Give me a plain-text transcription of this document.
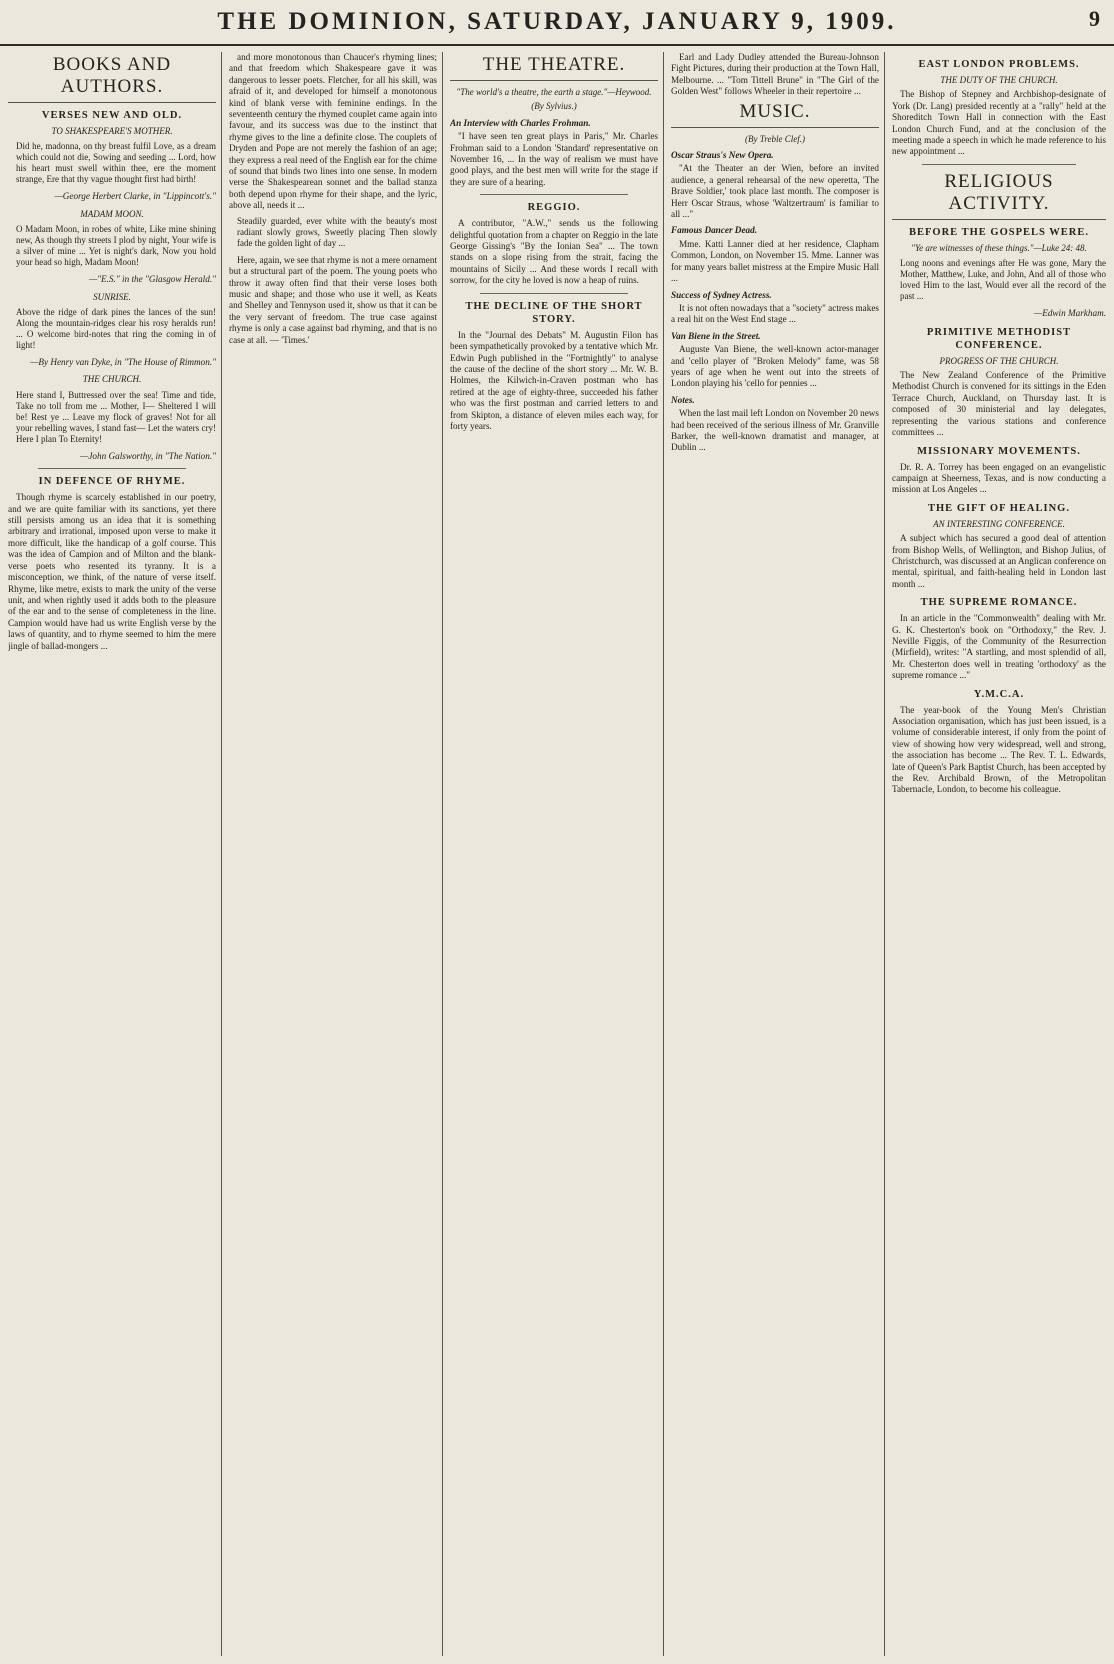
THE DOMINION, SATURDAY, JANUARY 9, 1909.	9
BOOKS AND AUTHORS.
VERSES NEW AND OLD.
TO SHAKESPEARE'S MOTHER.
Did he, madonna, on thy breast fulfil Love, as a dream which could not die, Sowing and seeding ... Lord, how his heart must swell within thee, ere the moment strange, Ere that thy vague thought first had birth!
—George Herbert Clarke, in "Lippincott's."
MADAM MOON.
O Madam Moon, in robes of white, Like mine shining new, As though thy streets I plod by night, Your wife is a silver of mine ... Yet is night's dark, Now you hold your head so high, Madam Moon!
—"E.S." in the "Glasgow Herald."
SUNRISE.
Above the ridge of dark pines the lances of the sun! Along the mountain-ridges clear his rosy heralds run! ... O welcome bird-notes that ring the coming in of light!
—By Henry van Dyke, in "The House of Rimmon."
THE CHURCH.
Here stand I, Buttressed over the sea! Time and tide, Take no toll from me ... Mother, I— Sheltered I will be! Rest ye ... Leave my flock of graves! Not for all your rebelling waves, I stand fast— Let the waters cry! Here I plan To Eternity!
—John Galsworthy, in "The Nation."
IN DEFENCE OF RHYME.

Though rhyme is scarcely established in our poetry, and we are quite familiar with its sanctions, yet there still persists among us an idea that it is something arbitrary and irrational, imposed upon verse to make it more difficult, like the handicap of a golf course. This was the idea of Campion and of Milton and the blank-verse poets who resented its tyranny. It is a misconception, we think, of the nature of verse itself. Rhyme, like metre, exists to mark the unity of the verse unit, and when rightly used it adds both to the pleasure of the ear and to the sense of completeness in the line. Campion would have had us write English verse by the laws of quantity, and to rhyme seemed to him the mere jingle of ballad-mongers ...

and more monotonous than Chaucer's rhyming lines; and that freedom which Shakespeare gave it was dangerous to lesser poets. Fletcher, for all his skill, was afraid of it, and developed for himself a monotonous kind of blank verse with feminine endings. In the seventeenth century the rhymed couplet came again into favour, and its success was due to the instinct that rhyme gives to the line a definite close. The couplets of Dryden and Pope are not merely the fashion of an age; they express a real need of the English ear for the chime of sound that binds two lines into one sense. In modern verse the Shakespearean sonnet and the ballad stanza both depend upon rhyme for their shape, and the lyric, above all, needs it ...

Steadily guarded, ever white with the beauty's most radiant slowly grows, Sweetly placing Then slowly fade the golden light of day ...

Here, again, we see that rhyme is not a mere ornament but a structural part of the poem. The young poets who throw it away often find that their verse loses both music and shape; and those who use it well, as Keats and Shelley and Tennyson used it, show us that it can be the very servant of freedom. The true case against rhyme is only a case against bad rhyming, and that is no case at all. — 'Times.'

THE THEATRE.
"The world's a theatre, the earth a stage."—Heywood.
(By Sylvius.)
An Interview with Charles Frohman.

"I have seen ten great plays in Paris," Mr. Charles Frohman said to a London 'Standard' representative on November 16, ... In the way of realism we must have good plays, and the best men will write for the stage if they are sure of a hearing.

REGGIO.

A contributor, "A.W.," sends us the following delightful quotation from a chapter on Reggio in the late George Gissing's "By the Ionian Sea" ... The town stands on a slope rising from the strait, facing the mountains of Sicily ... And these words I recall with sorrow, for the city he loved is now a heap of ruins.

THE DECLINE OF THE SHORT STORY.

In the "Journal des Debats" M. Augustin Filon has been sympathetically provoked by a tentative which Mr. Edwin Pugh published in the "Fortnightly" to analyse the cause of the decline of the short story ... Mr. W. B. Holmes, the Kilwich-in-Craven postman who has retired at the age of eighty-three, succeeded his father who was the first postman and carried letters to and from Skipton, a distance of eleven miles each way, for forty years.

Earl and Lady Dudley attended the Bureau-Johnson Fight Pictures, during their production at the Town Hall, Melbourne. ... "Tom Tittell Brune" in "The Girl of the Golden West" follows Wheeler in their repertoire ...

MUSIC.
(By Treble Clef.)
Oscar Straus's New Opera.

"At the Theater an der Wien, before an invited audience, a general rehearsal of the new operetta, 'The Brave Soldier,' took place last month. The composer is Herr Oscar Straus, whose 'Waltzertraum' is familiar to all ..."

Famous Dancer Dead.

Mme. Katti Lanner died at her residence, Clapham Common, London, on November 15. Mme. Lanner was for many years ballet mistress at the Empire Music Hall ...

Success of Sydney Actress.

It is not often nowadays that a "society" actress makes a real hit on the West End stage ...

Van Biene in the Street.

Auguste Van Biene, the well-known actor-manager and 'cello player of "Broken Melody" fame, was 58 years of age when he went out into the streets of London playing his 'cello for pennies ...

Notes.

When the last mail left London on November 20 news had been received of the serious illness of Mr. Granville Barker, the well-known dramatist and manager, at Dublin ...

EAST LONDON PROBLEMS.
THE DUTY OF THE CHURCH.

The Bishop of Stepney and Archbishop-designate of York (Dr. Lang) presided recently at a "rally" held at the Shoreditch Town Hall in connection with the East London Church Fund, and at the conclusion of the meeting made a speech in which he made reference to his new appointment ...

RELIGIOUS ACTIVITY.
BEFORE THE GOSPELS WERE.
"Ye are witnesses of these things."—Luke 24: 48.
Long noons and evenings after He was gone, Mary the Mother, Matthew, Luke, and John, And all of those who loved Him to the last, Would ever all the record of the past ...
—Edwin Markham.
PRIMITIVE METHODIST CONFERENCE.
PROGRESS OF THE CHURCH.

The New Zealand Conference of the Primitive Methodist Church is convened for its sittings in the Eden Terrace Church, Auckland, on Thursday last. It is composed of 30 ministerial and lay delegates, representing the various stations and conference committees ...

MISSIONARY MOVEMENTS.

Dr. R. A. Torrey has been engaged on an evangelistic campaign at Sheerness, Texas, and is now conducting a mission at Los Angeles ...

THE GIFT OF HEALING.
AN INTERESTING CONFERENCE.

A subject which has secured a good deal of attention from Bishop Wells, of Wellington, and Bishop Julius, of Christchurch, was discussed at an Anglican conference on mental, spiritual, and faith-healing held in London last month ...

THE SUPREME ROMANCE.

In an article in the "Commonwealth" dealing with Mr. G. K. Chesterton's book on "Orthodoxy," the Rev. J. Neville Figgis, of the Community of the Resurrection (Mirfield), writes: "A startling, and most splendid of all, Mr. Chesterton does well in treating 'orthodoxy' as the supreme romance ..."

Y.M.C.A.

The year-book of the Young Men's Christian Association organisation, which has just been issued, is a volume of considerable interest, if only from the point of view of showing how very widespread, well and strong, the association has become ... The Rev. T. L. Edwards, late of Queen's Park Baptist Church, has been accepted by the Rev. Archibald Brown, of the Metropolitan Tabernacle, London, to become his colleague.
